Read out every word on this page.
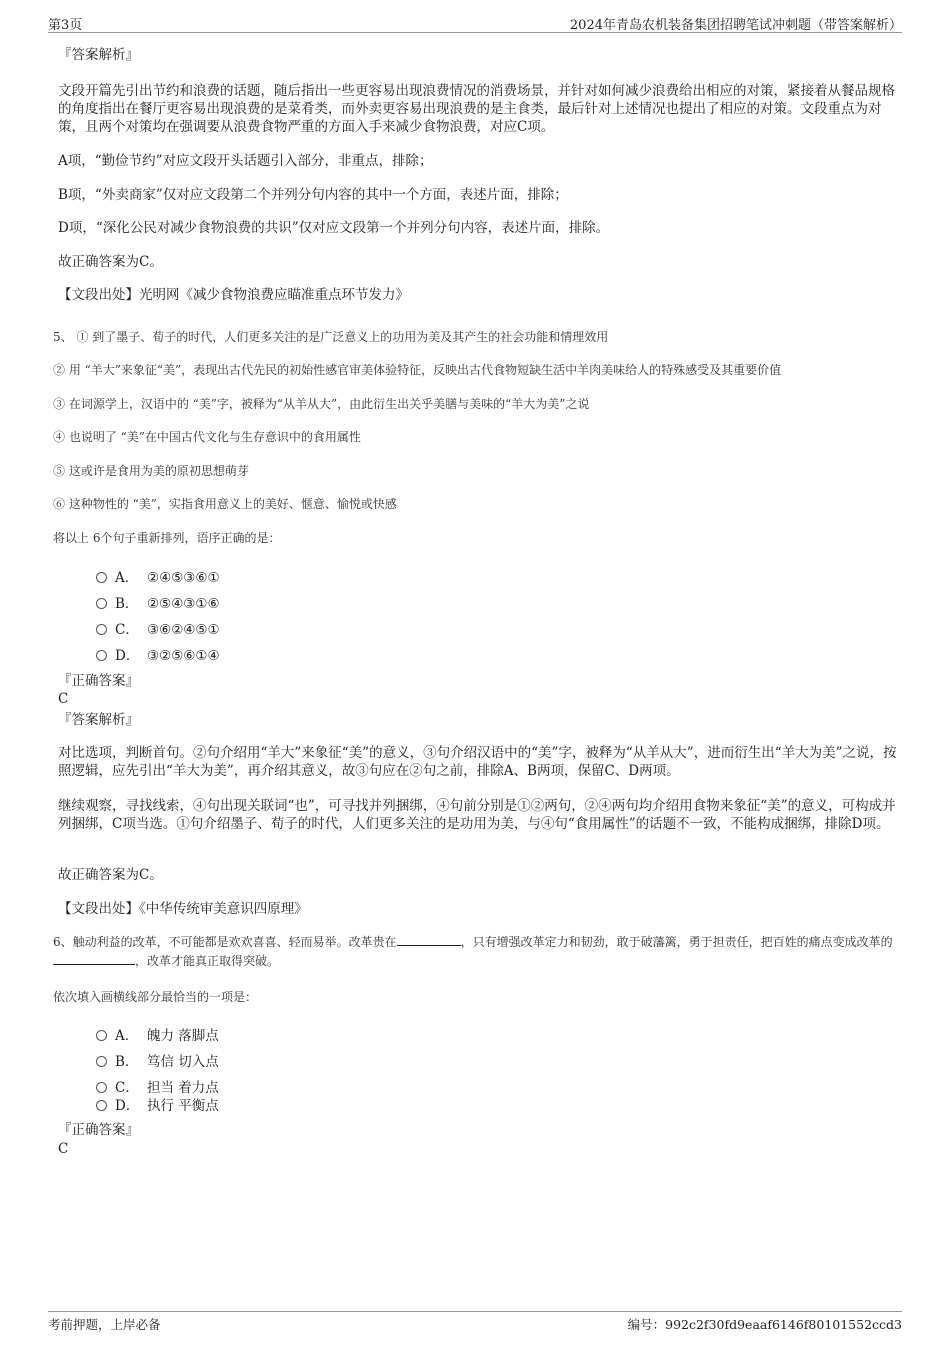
第3页	2024年青岛农机装备集团招聘笔试冲刺题（带答案解析）
『答案解析』
文段开篇先引出节约和浪费的话题，随后指出一些更容易出现浪费情况的消费场景，并针对如何减少浪费给出相应的对策，紧接着从餐品规格的角度指出在餐厅更容易出现浪费的是菜肴类，而外卖更容易出现浪费的是主食类，最后针对上述情况也提出了相应的对策。文段重点为对策，且两个对策均在强调要从浪费食物严重的方面入手来减少食物浪费，对应C项。
A项，“勤俭节约”对应文段开头话题引入部分，非重点，排除；
B项，“外卖商家”仅对应文段第二个并列分句内容的其中一个方面，表述片面，排除；
D项，“深化公民对减少食物浪费的共识”仅对应文段第一个并列分句内容，表述片面，排除。
故正确答案为C。
【文段出处】光明网《减少食物浪费应瞄准重点环节发力》
5、 ① 到了墨子、荀子的时代，人们更多关注的是广泛意义上的功用为美及其产生的社会功能和情理效用
② 用 “羊大”来象征“美”，表现出古代先民的初始性感官审美体验特征，反映出古代食物短缺生活中羊肉美味给人的特殊感受及其重要价值
③ 在词源学上，汉语中的 “美”字，被释为“从羊从大”，由此衍生出关乎美膳与美味的“羊大为美”之说
④ 也说明了 “美”在中国古代文化与生存意识中的食用属性
⑤ 这或许是食用为美的原初思想萌芽
⑥ 这种物性的 “美”，实指食用意义上的美好、惬意、愉悦或快感
将以上 6个句子重新排列，语序正确的是：
A． ②④⑤③⑥①
B． ②⑤④③①⑥
C． ③⑥②④⑤①
D． ③②⑤⑥①④
『正确答案』
C
『答案解析』
对比选项，判断首句。②句介绍用“羊大”来象征“美”的意义，③句介绍汉语中的“美”字，被释为“从羊从大”，进而衍生出“羊大为美”之说，按照逻辑，应先引出“羊大为美”，再介绍其意义，故③句应在②句之前，排除A、B两项，保留C、D两项。
继续观察，寻找线索，④句出现关联词“也”，可寻找并列捆绑，④句前分别是①②两句，②④两句均介绍用食物来象征“美”的意义，可构成并列捆绑，C项当选。①句介绍墨子、荀子的时代，人们更多关注的是功用为美，与④句“食用属性”的话题不一致，不能构成捆绑，排除D项。
故正确答案为C。
【文段出处】《中华传统审美意识四原理》
6、触动利益的改革，不可能都是欢欢喜喜、轻而易举。改革贵在	，只有增强改革定力和韧劲，敢于破藩篱，勇于担责任，把百姓的痛点变成改革的，改革才能真正取得突破。
依次填入画横线部分最恰当的一项是：
A． 魄力 落脚点
B． 笃信 切入点
C． 担当 着力点
D． 执行 平衡点
『正确答案』
C
考前押题，上岸必备	编号：992c2f30fd9eaaf6146f80101552ccd3
